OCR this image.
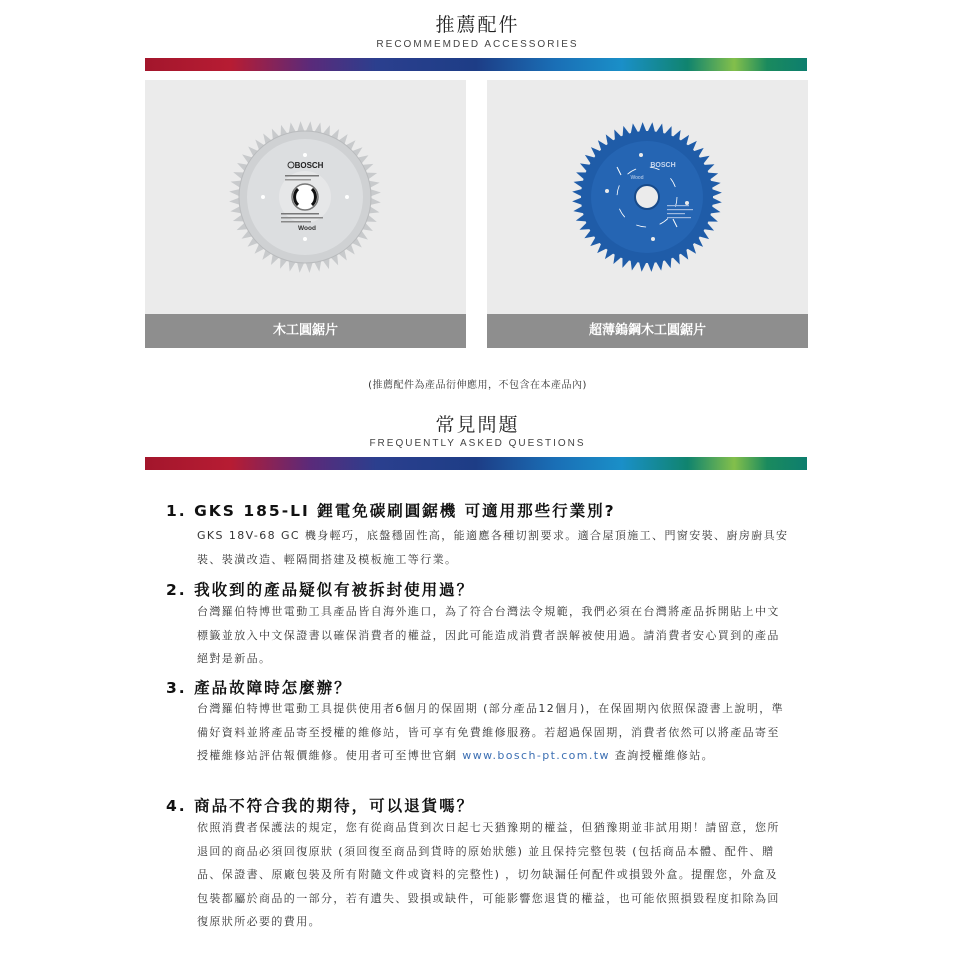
推薦配件
RECOMMEMDED ACCESSORIES
BOSCH
Wood
木工圓鋸片
BOSCH
Wood
超薄鎢鋼木工圓鋸片
(推薦配件為產品衍伸應用，不包含在本產品內)
常見問題
FREQUENTLY ASKED QUESTIONS
1. GKS 185-LI 鋰電免碳刷圓鋸機 可適用那些行業別?
GKS 18V-68 GC 機身輕巧，底盤穩固性高，能適應各種切割要求。適合屋頂施工、門窗安裝、廚房廚具安裝、裝潢改造、輕隔間搭建及模板施工等行業。
2. 我收到的產品疑似有被拆封使用過？
台灣羅伯特博世電動工具產品皆自海外進口，為了符合台灣法令規範，我們必須在台灣將產品拆開貼上中文標籤並放入中文保證書以確保消費者的權益，因此可能造成消費者誤解被使用過。請消費者安心買到的產品絕對是新品。
3. 產品故障時怎麼辦？
台灣羅伯特博世電動工具提供使用者6個月的保固期 (部分產品12個月)，在保固期內依照保證書上說明，準備好資料並將產品寄至授權的維修站，皆可享有免費維修服務。若超過保固期，消費者依然可以將產品寄至授權維修站評估報價維修。使用者可至博世官網 www.bosch-pt.com.tw 查詢授權維修站。
4. 商品不符合我的期待，可以退貨嗎？
依照消費者保護法的規定，您有從商品貨到次日起七天猶豫期的權益，但猶豫期並非試用期！請留意，您所退回的商品必須回復原狀 (須回復至商品到貨時的原始狀態) 並且保持完整包裝 (包括商品本體、配件、贈品、保證書、原廠包裝及所有附隨文件或資料的完整性) ，切勿缺漏任何配件或損毀外盒。提醒您，外盒及包裝都屬於商品的一部分，若有遺失、毀損或缺件，可能影響您退貨的權益，也可能依照損毀程度扣除為回復原狀所必要的費用。
